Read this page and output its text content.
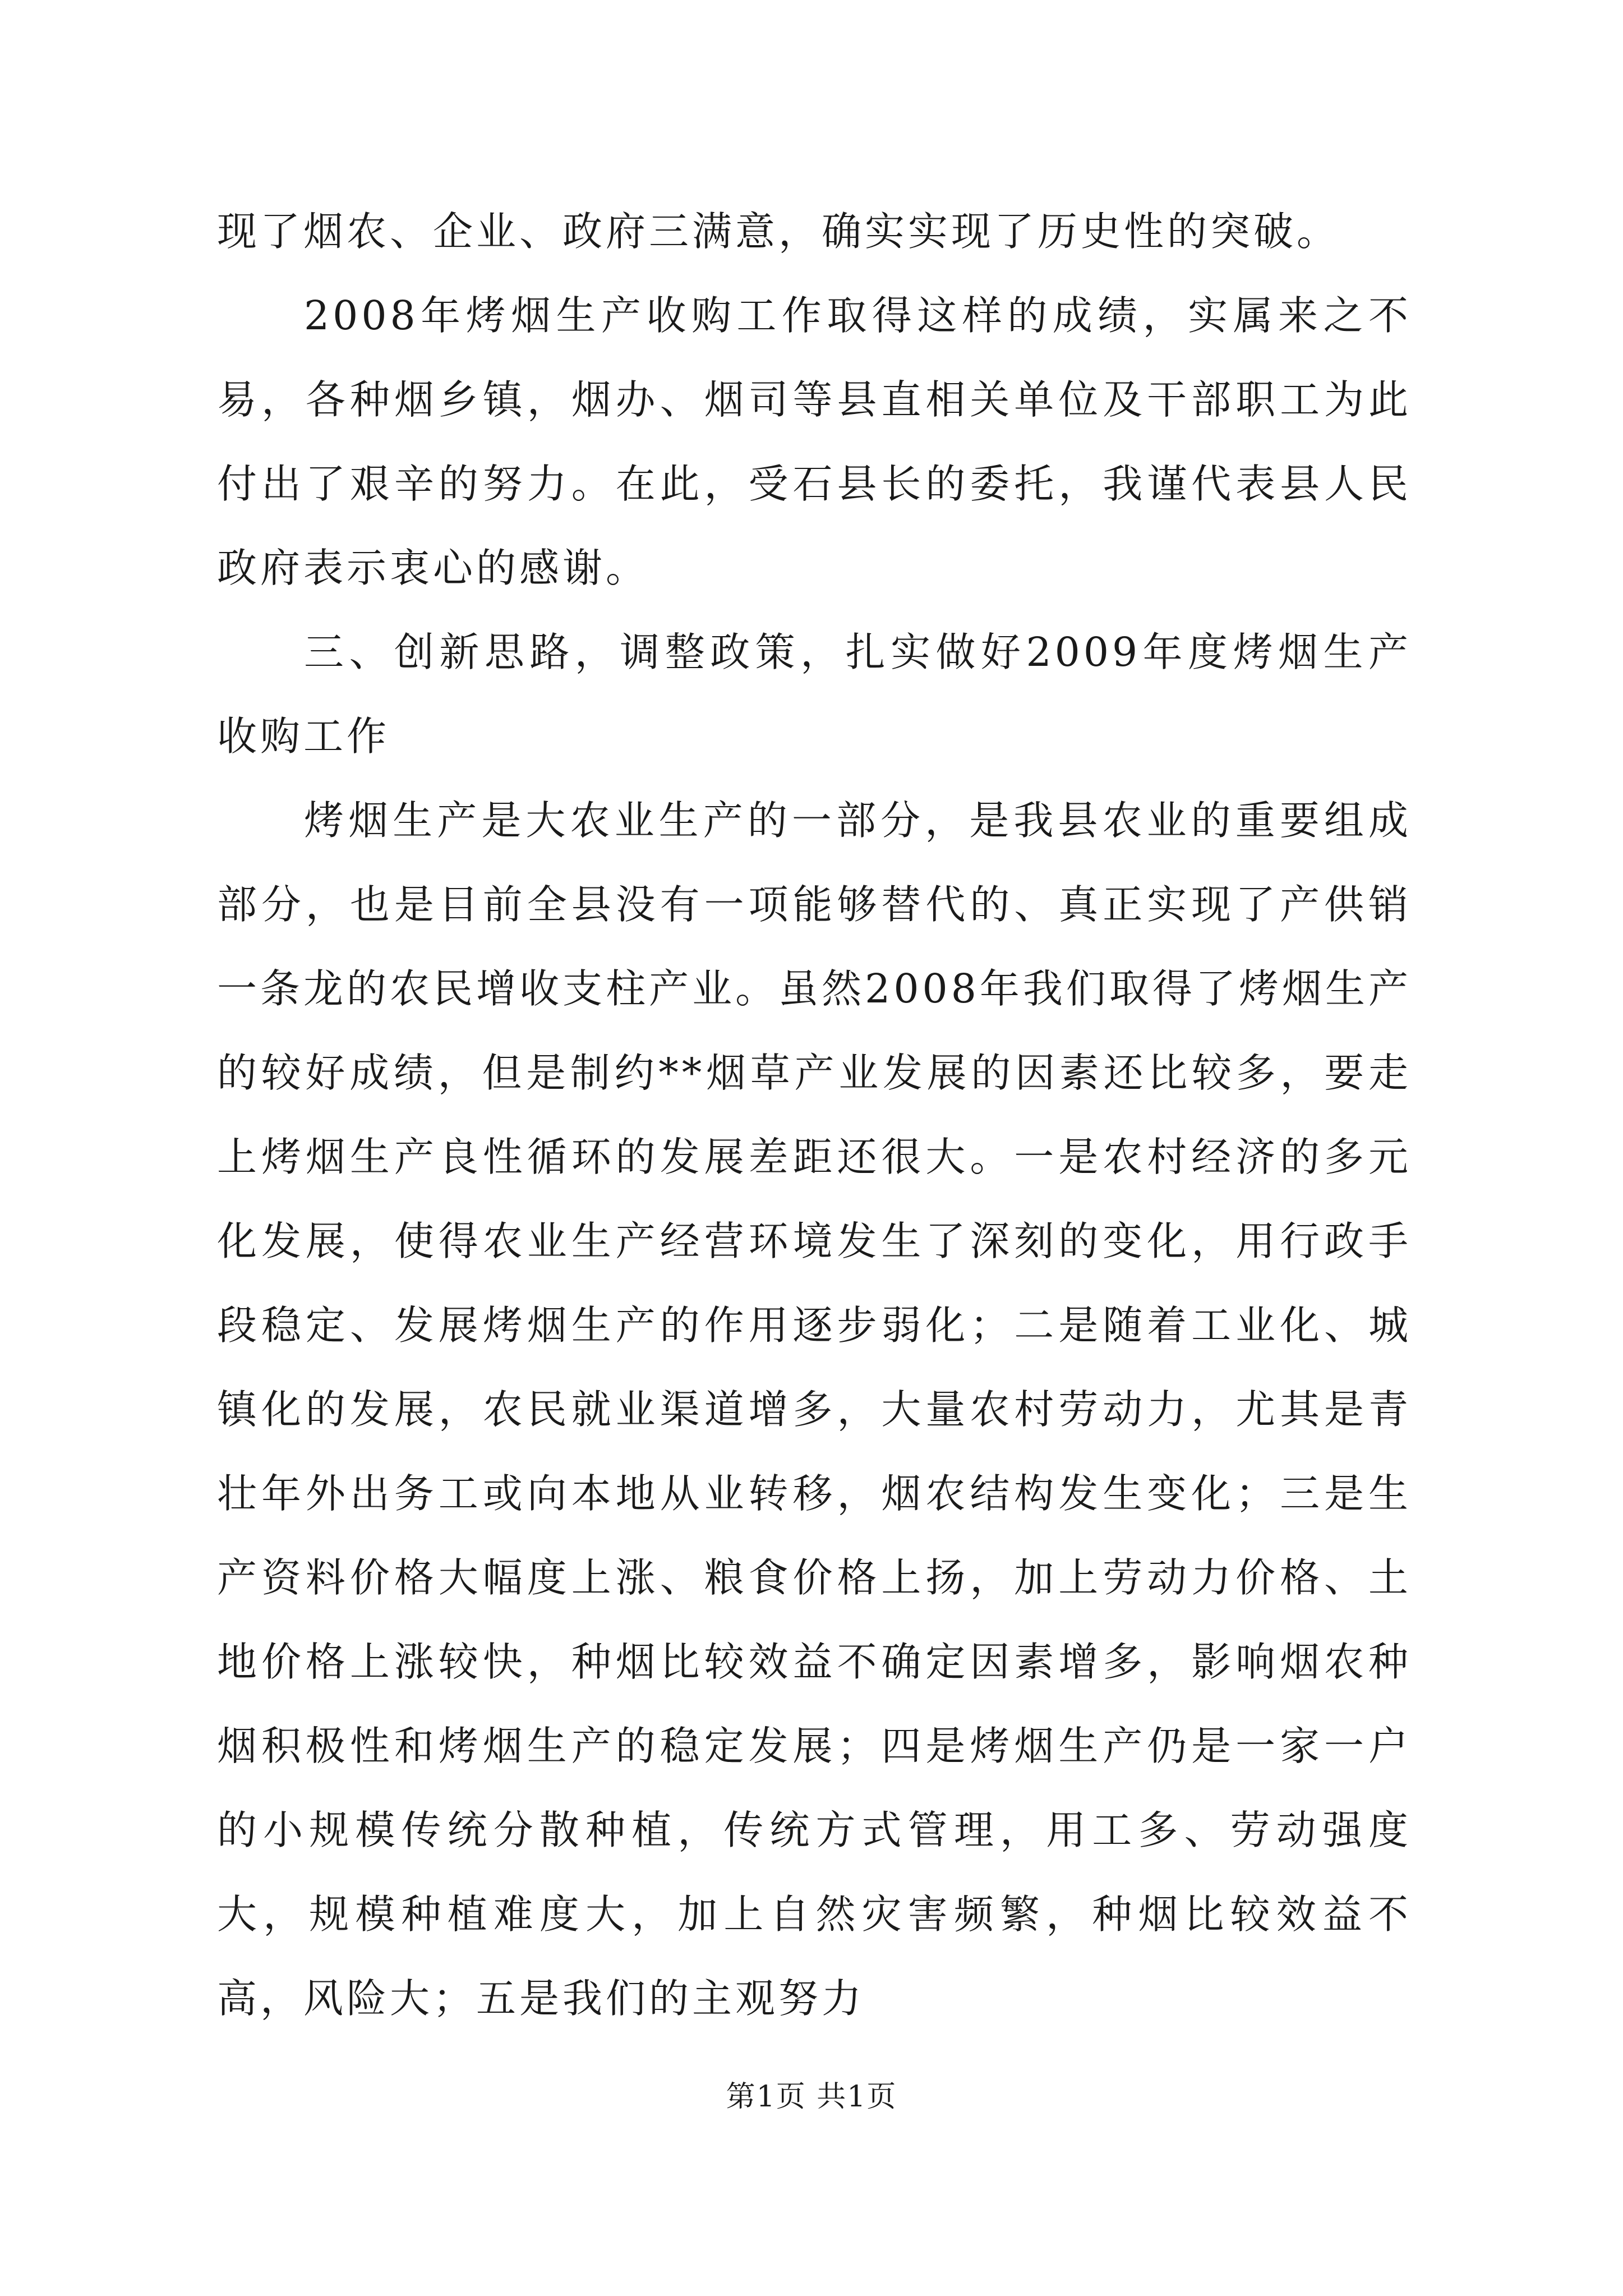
现了烟农、企业、政府三满意，确实实现了历史性的突破。

2008年烤烟生产收购工作取得这样的成绩，实属来之不易，各种烟乡镇，烟办、烟司等县直相关单位及干部职工为此付出了艰辛的努力。在此，受石县长的委托，我谨代表县人民政府表示衷心的感谢。

三、创新思路，调整政策，扎实做好2009年度烤烟生产收购工作

烤烟生产是大农业生产的一部分，是我县农业的重要组成部分，也是目前全县没有一项能够替代的、真正实现了产供销一条龙的农民增收支柱产业。虽然2008年我们取得了烤烟生产的较好成绩，但是制约**烟草产业发展的因素还比较多，要走上烤烟生产良性循环的发展差距还很大。一是农村经济的多元化发展，使得农业生产经营环境发生了深刻的变化，用行政手段稳定、发展烤烟生产的作用逐步弱化；二是随着工业化、城镇化的发展，农民就业渠道增多，大量农村劳动力，尤其是青壮年外出务工或向本地从业转移，烟农结构发生变化；三是生产资料价格大幅度上涨、粮食价格上扬，加上劳动力价格、土地价格上涨较快，种烟比较效益不确定因素增多，影响烟农种烟积极性和烤烟生产的稳定发展；四是烤烟生产仍是一家一户的小规模传统分散种植，传统方式管理，用工多、劳动强度大，规模种植难度大，加上自然灾害频繁，种烟比较效益不高，风险大；五是我们的主观努力

第1页 共1页
